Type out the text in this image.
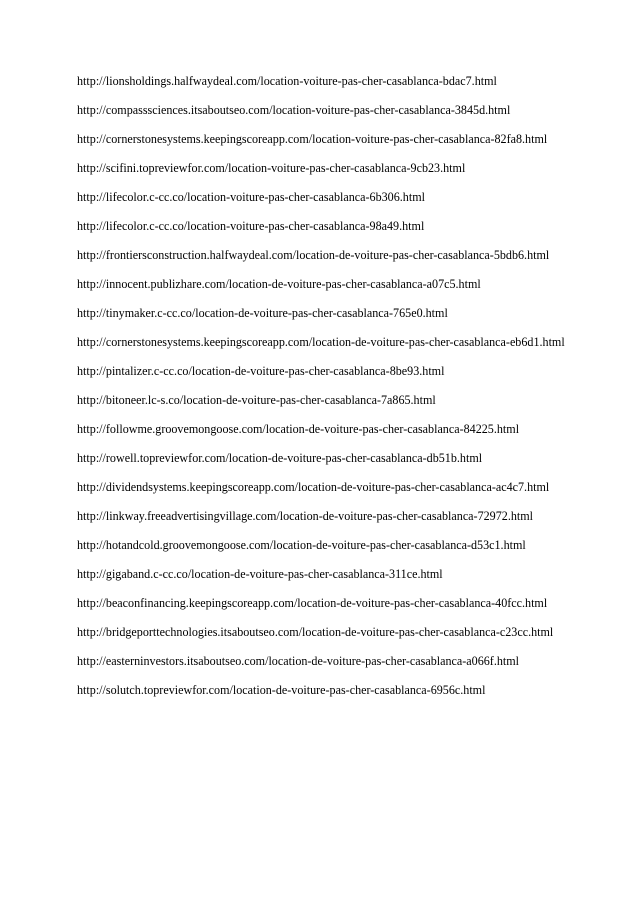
http://lionsholdings.halfwaydeal.com/location-voiture-pas-cher-casablanca-bdac7.html
http://compasssciences.itsaboutseo.com/location-voiture-pas-cher-casablanca-3845d.html
http://cornerstonesystems.keepingscoreapp.com/location-voiture-pas-cher-casablanca-82fa8.html
http://scifini.topreviewfor.com/location-voiture-pas-cher-casablanca-9cb23.html
http://lifecolor.c-cc.co/location-voiture-pas-cher-casablanca-6b306.html
http://lifecolor.c-cc.co/location-voiture-pas-cher-casablanca-98a49.html
http://frontiersconstruction.halfwaydeal.com/location-de-voiture-pas-cher-casablanca-5bdb6.html
http://innocent.publizhare.com/location-de-voiture-pas-cher-casablanca-a07c5.html
http://tinymaker.c-cc.co/location-de-voiture-pas-cher-casablanca-765e0.html
http://cornerstonesystems.keepingscoreapp.com/location-de-voiture-pas-cher-casablanca-eb6d1.html
http://pintalizer.c-cc.co/location-de-voiture-pas-cher-casablanca-8be93.html
http://bitoneer.lc-s.co/location-de-voiture-pas-cher-casablanca-7a865.html
http://followme.groovemongoose.com/location-de-voiture-pas-cher-casablanca-84225.html
http://rowell.topreviewfor.com/location-de-voiture-pas-cher-casablanca-db51b.html
http://dividendsystems.keepingscoreapp.com/location-de-voiture-pas-cher-casablanca-ac4c7.html
http://linkway.freeadvertisingvillage.com/location-de-voiture-pas-cher-casablanca-72972.html
http://hotandcold.groovemongoose.com/location-de-voiture-pas-cher-casablanca-d53c1.html
http://gigaband.c-cc.co/location-de-voiture-pas-cher-casablanca-311ce.html
http://beaconfinancing.keepingscoreapp.com/location-de-voiture-pas-cher-casablanca-40fcc.html
http://bridgeporttechnologies.itsaboutseo.com/location-de-voiture-pas-cher-casablanca-c23cc.html
http://easterninvestors.itsaboutseo.com/location-de-voiture-pas-cher-casablanca-a066f.html
http://solutch.topreviewfor.com/location-de-voiture-pas-cher-casablanca-6956c.html
